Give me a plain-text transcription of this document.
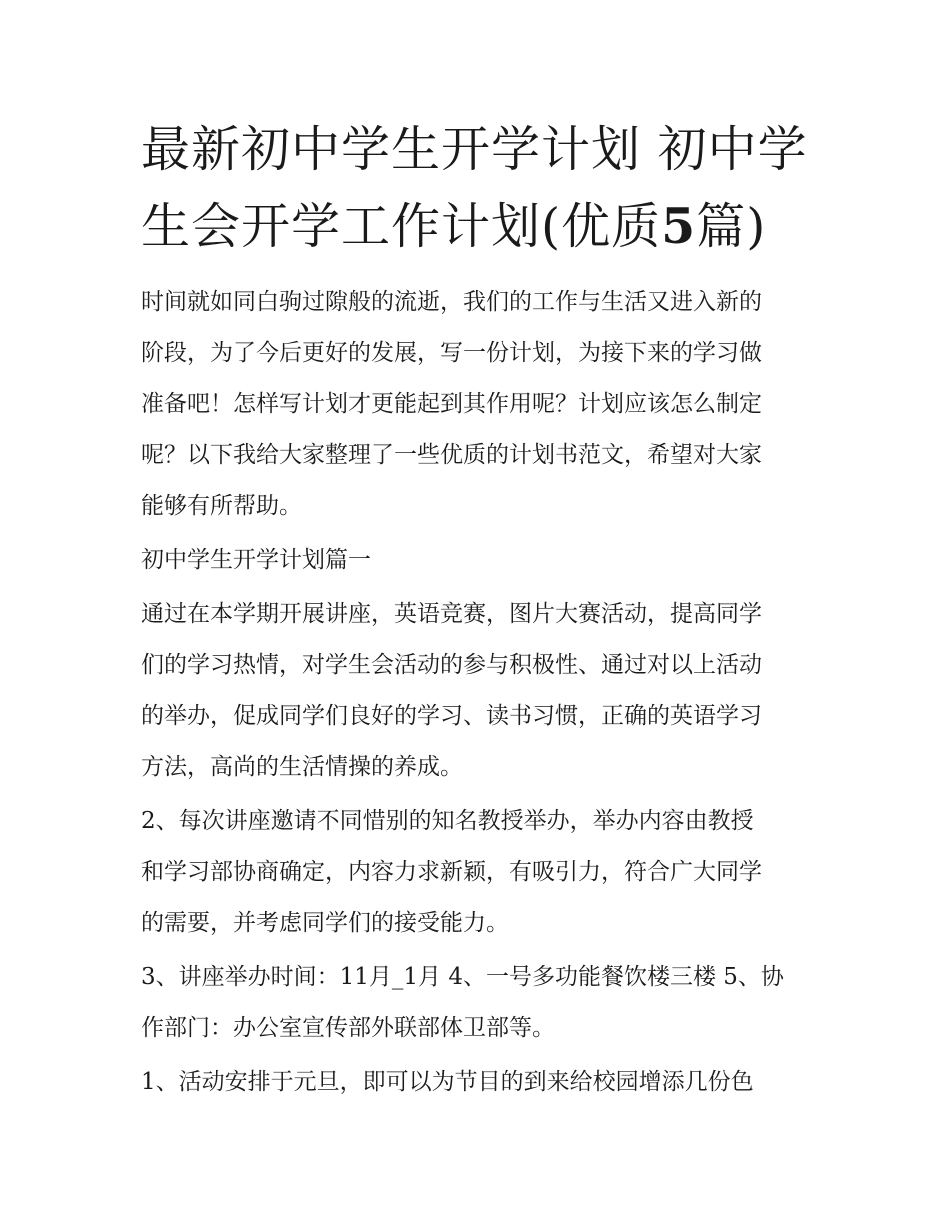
最新初中学生开学计划 初中学
生会开学工作计划(优质5篇)

时间就如同白驹过隙般的流逝，我们的工作与生活又进入新的
阶段，为了今后更好的发展，写一份计划，为接下来的学习做
准备吧！怎样写计划才更能起到其作用呢？计划应该怎么制定
呢？以下我给大家整理了一些优质的计划书范文，希望对大家
能够有所帮助。

初中学生开学计划篇一

通过在本学期开展讲座，英语竞赛，图片大赛活动，提高同学
们的学习热情，对学生会活动的参与积极性、通过对以上活动
的举办，促成同学们良好的学习、读书习惯，正确的英语学习
方法，高尚的生活情操的养成。

2、每次讲座邀请不同惜别的知名教授举办，举办内容由教授
和学习部协商确定，内容力求新颖，有吸引力，符合广大同学
的需要，并考虑同学们的接受能力。

3、讲座举办时间：11月_1月 4、一号多功能餐饮楼三楼 5、协
作部门：办公室宣传部外联部体卫部等。

1、活动安排于元旦，即可以为节目的到来给校园增添几份色
